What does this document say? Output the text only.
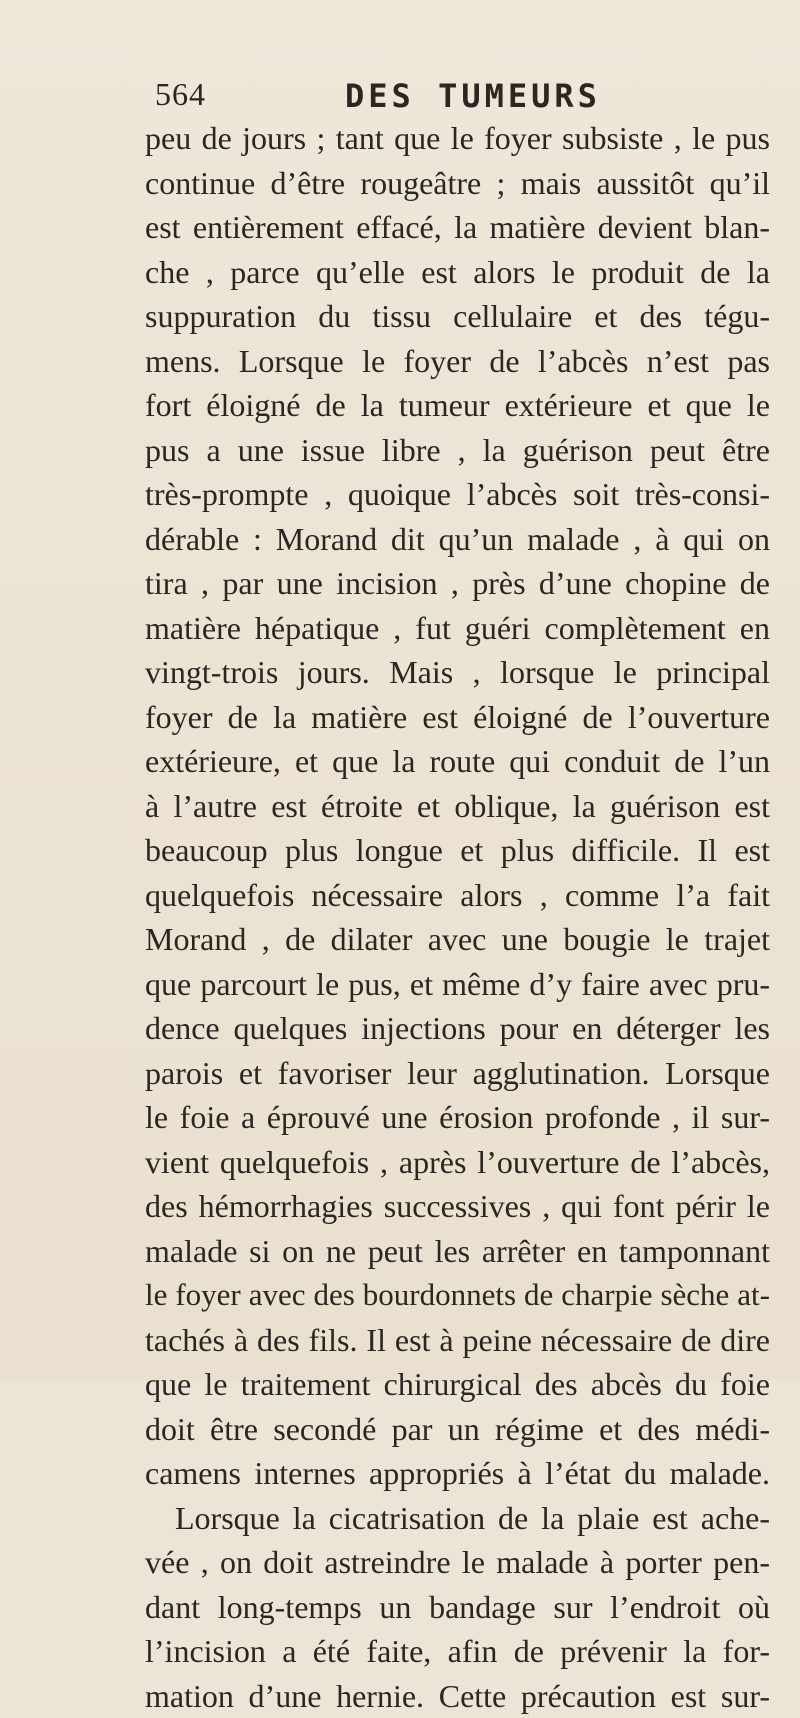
564	DES TUMEURS
peu de jours ; tant que le foyer subsiste , le pus
continue d’être rougeâtre ; mais aussitôt qu’il
est entièrement effacé, la matière devient blan-
che , parce qu’elle est alors le produit de la
suppuration du tissu cellulaire et des tégu-
mens. Lorsque le foyer de l’abcès n’est pas
fort éloigné de la tumeur extérieure et que le
pus a une issue libre , la guérison peut être
très-prompte , quoique l’abcès soit très-consi-
dérable : Morand dit qu’un malade , à qui on
tira , par une incision , près d’une chopine de
matière hépatique , fut guéri complètement en
vingt-trois jours. Mais , lorsque le principal
foyer de la matière est éloigné de l’ouverture
extérieure, et que la route qui conduit de l’un
à l’autre est étroite et oblique, la guérison est
beaucoup plus longue et plus difficile. Il est
quelquefois nécessaire alors , comme l’a fait
Morand , de dilater avec une bougie le trajet
que parcourt le pus, et même d’y faire avec pru-
dence quelques injections pour en déterger les
parois et favoriser leur agglutination. Lorsque
le foie a éprouvé une érosion profonde , il sur-
vient quelquefois , après l’ouverture de l’abcès,
des hémorrhagies successives , qui font périr le
malade si on ne peut les arrêter en tamponnant
le foyer avec des bourdonnets de charpie sèche at-
tachés à des fils. Il est à peine nécessaire de dire
que le traitement chirurgical des abcès du foie
doit être secondé par un régime et des médi-
camens internes appropriés à l’état du malade.
Lorsque la cicatrisation de la plaie est ache-
vée , on doit astreindre le malade à porter pen-
dant long-temps un bandage sur l’endroit où
l’incision a été faite, afin de prévenir la for-
mation d’une hernie. Cette précaution est sur-
